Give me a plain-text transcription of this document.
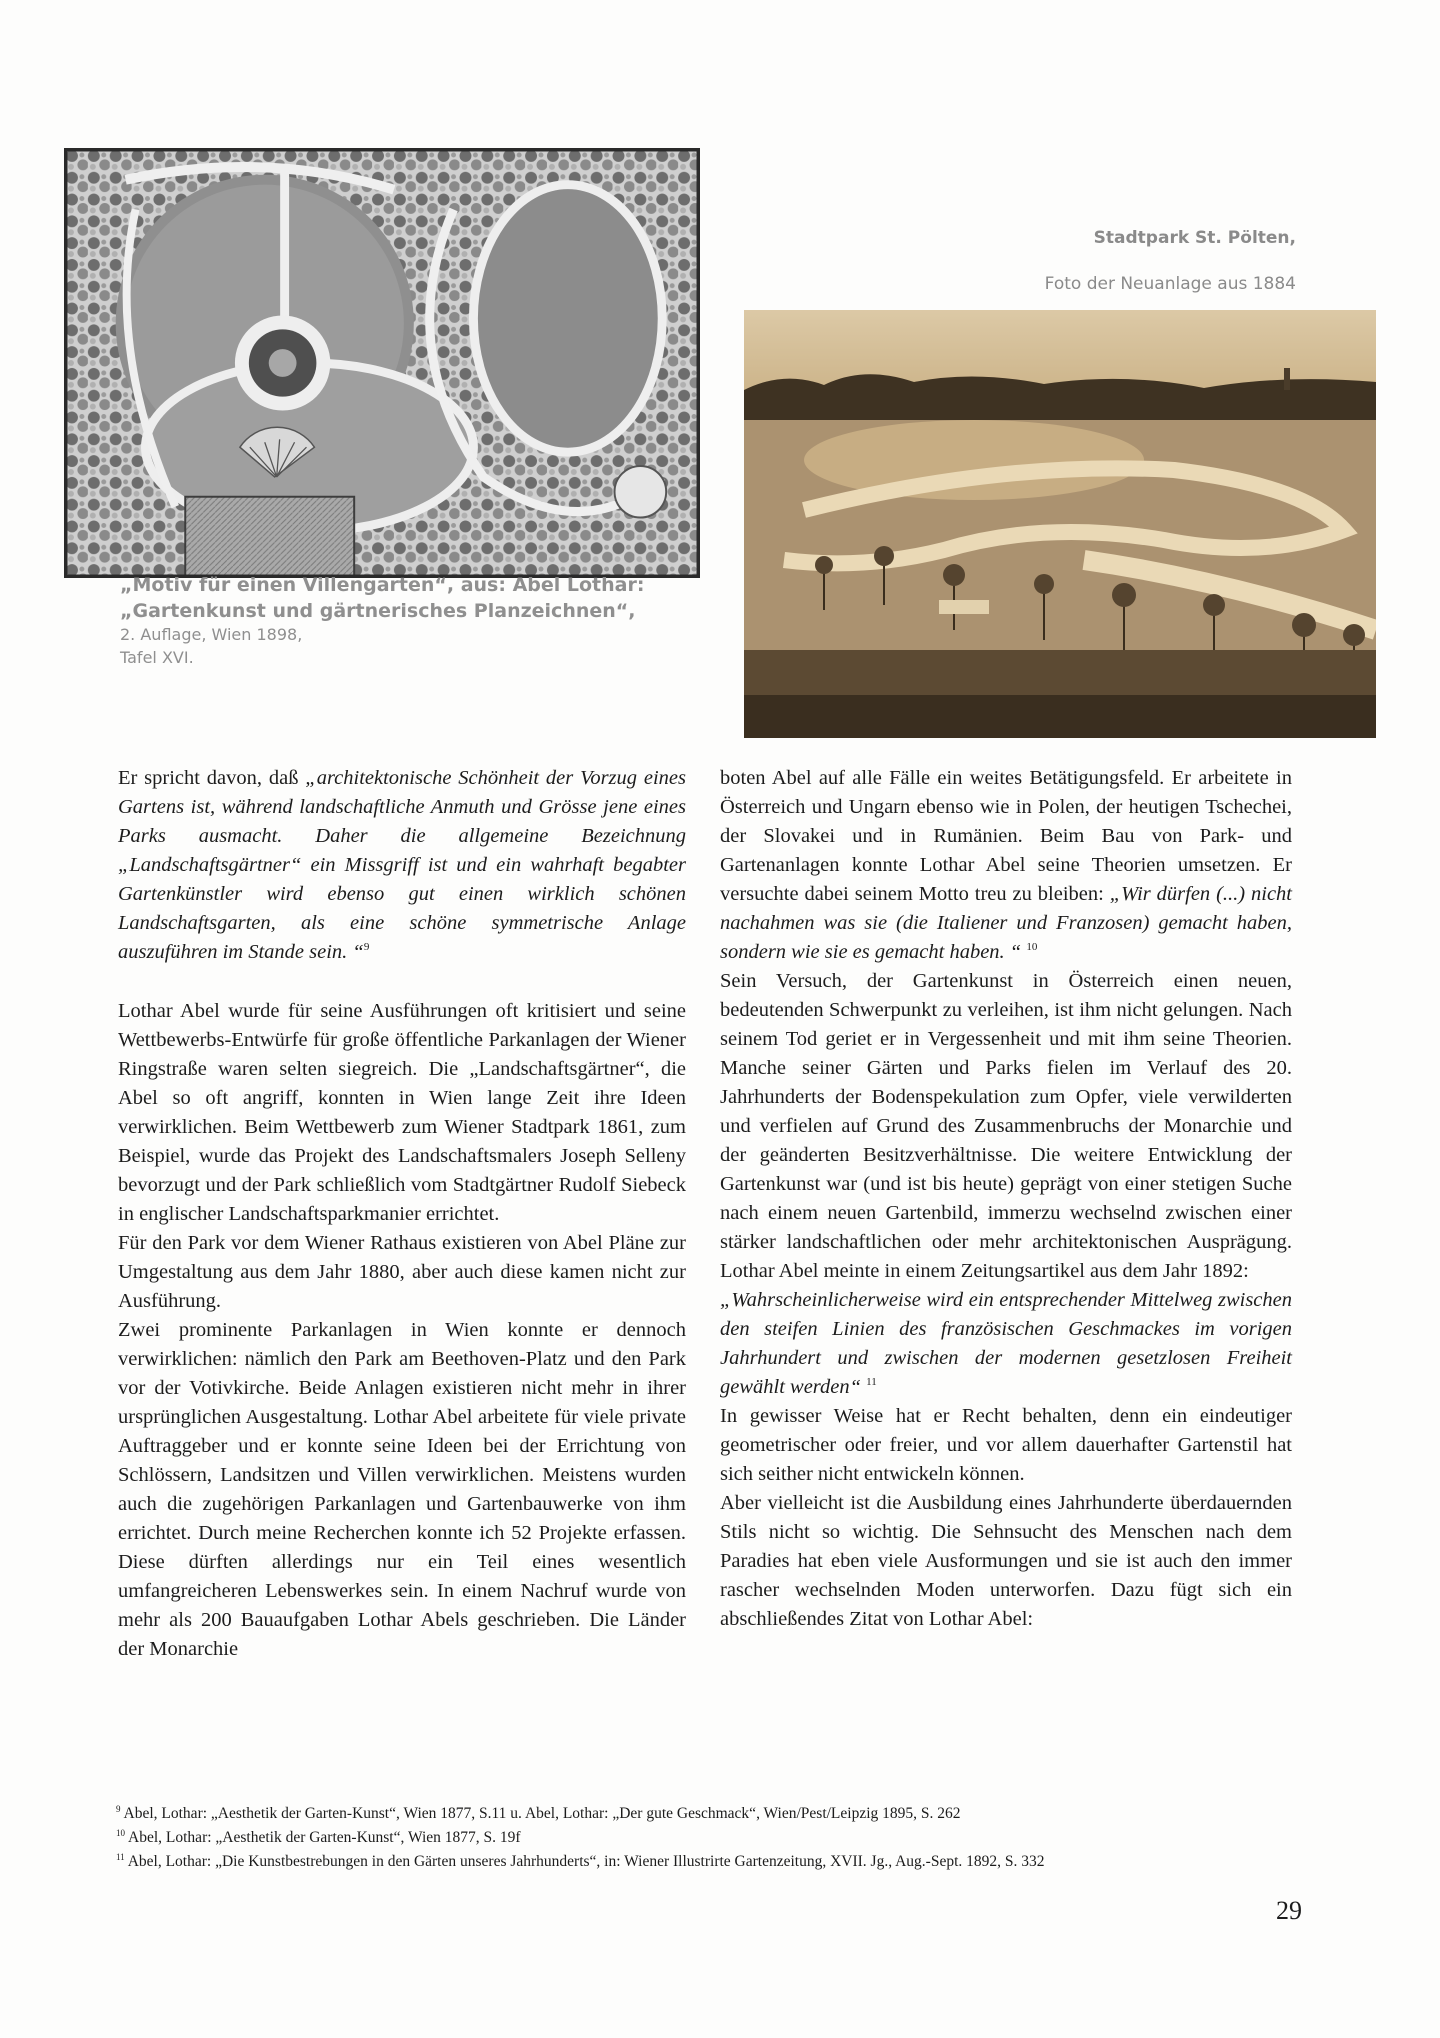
„Motiv für einen Villengarten“, aus: Abel Lothar:
„Gartenkunst und gärtnerisches Planzeichnen“,
2. Auflage, Wien 1898,
Tafel XVI.
Stadtpark St. Pölten,
Foto der Neuanlage aus 1884

Er spricht davon, daß „architektonische Schönheit der Vorzug eines Gartens ist, während landschaftliche Anmuth und Grösse jene eines Parks ausmacht. Daher die allgemeine Bezeichnung „Landschaftsgärtner“ ein Missgriff ist und ein wahrhaft begabter Gartenkünstler wird ebenso gut einen wirklich schönen Landschaftsgarten, als eine schöne symmetrische Anlage auszuführen im Stande sein. “$^9$

Lothar Abel wurde für seine Ausführungen oft kritisiert und seine Wettbewerbs-Entwürfe für große öffentliche Parkanlagen der Wiener Ringstraße waren selten siegreich. Die „Landschaftsgärtner“, die Abel so oft angriff, konnten in Wien lange Zeit ihre Ideen verwirklichen. Beim Wettbewerb zum Wiener Stadtpark 1861, zum Beispiel, wurde das Projekt des Landschaftsmalers Joseph Selleny bevorzugt und der Park schließlich vom Stadtgärtner Rudolf Siebeck in englischer Landschaftsparkmanier errichtet.

Für den Park vor dem Wiener Rathaus existieren von Abel Pläne zur Umgestaltung aus dem Jahr 1880, aber auch diese kamen nicht zur Ausführung.

Zwei prominente Parkanlagen in Wien konnte er dennoch verwirklichen: nämlich den Park am Beethoven-Platz und den Park vor der Votivkirche. Beide Anlagen existieren nicht mehr in ihrer ursprünglichen Ausgestaltung. Lothar Abel arbeitete für viele private Auftraggeber und er konnte seine Ideen bei der Errichtung von Schlössern, Landsitzen und Villen verwirklichen. Meistens wurden auch die zugehörigen Parkanlagen und Gartenbauwerke von ihm errichtet. Durch meine Recherchen konnte ich 52 Projekte erfassen. Diese dürften allerdings nur ein Teil eines wesentlich umfangreicheren Lebenswerkes sein. In einem Nachruf wurde von mehr als 200 Bauaufgaben Lothar Abels geschrieben. Die Länder der Monarchie

boten Abel auf alle Fälle ein weites Betätigungsfeld. Er arbeitete in Österreich und Ungarn ebenso wie in Polen, der heutigen Tschechei, der Slovakei und in Rumänien. Beim Bau von Park- und Gartenanlagen konnte Lothar Abel seine Theorien umsetzen. Er versuchte dabei seinem Motto treu zu bleiben: „Wir dürfen (...) nicht nachahmen was sie (die Italiener und Franzosen) gemacht haben, sondern wie sie es gemacht haben. “ $^{10}$

Sein Versuch, der Gartenkunst in Österreich einen neuen, bedeutenden Schwerpunkt zu verleihen, ist ihm nicht gelungen. Nach seinem Tod geriet er in Vergessenheit und mit ihm seine Theorien. Manche seiner Gärten und Parks fielen im Verlauf des 20. Jahrhunderts der Bodenspekulation zum Opfer, viele verwilderten und verfielen auf Grund des Zusammenbruchs der Monarchie und der geänderten Besitzverhältnisse. Die weitere Entwicklung der Gartenkunst war (und ist bis heute) geprägt von einer stetigen Suche nach einem neuen Gartenbild, immerzu wechselnd zwischen einer stärker landschaftlichen oder mehr architektonischen Ausprägung. Lothar Abel meinte in einem Zeitungsartikel aus dem Jahr 1892:
„Wahrscheinlicherweise wird ein entsprechender Mittelweg zwischen den steifen Linien des französischen Geschmackes im vorigen Jahrhundert und zwischen der modernen gesetzlosen Freiheit gewählt werden“ $^{11}$

In gewisser Weise hat er Recht behalten, denn ein eindeutiger geometrischer oder freier, und vor allem dauerhafter Gartenstil hat sich seither nicht entwickeln können.

Aber vielleicht ist die Ausbildung eines Jahrhunderte überdauernden Stils nicht so wichtig. Die Sehnsucht des Menschen nach dem Paradies hat eben viele Ausformungen und sie ist auch den immer rascher wechselnden Moden unterworfen. Dazu fügt sich ein abschließendes Zitat von Lothar Abel:

$^9$ Abel, Lothar: „Aesthetik der Garten-Kunst“, Wien 1877, S.11 u. Abel, Lothar: „Der gute Geschmack“, Wien/Pest/Leipzig 1895, S. 262
$^{10}$ Abel, Lothar: „Aesthetik der Garten-Kunst“, Wien 1877, S. 19f
$^{11}$ Abel, Lothar: „Die Kunstbestrebungen in den Gärten unseres Jahrhunderts“, in: Wiener Illustrirte Gartenzeitung, XVII. Jg., Aug.-Sept. 1892, S. 332
29
